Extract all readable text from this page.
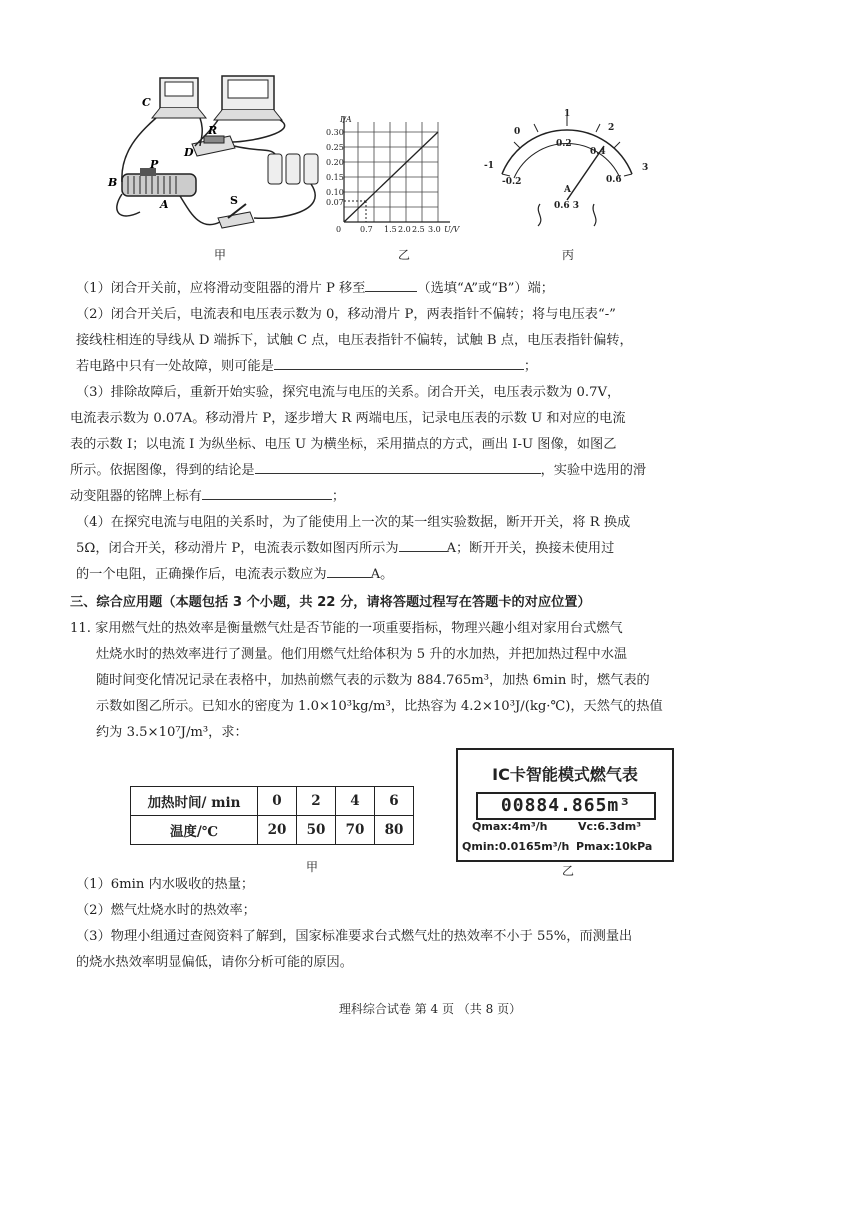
C
D
R
P
B
A	S
甲
I/A
0.30
0.25
0.20
0.15
0.10
0.07
0 0.7 1.5 2.0 2.5 3.0 U/V
乙
-1
0
1
2
3
-0.2
0.2
0.4
0.6
A
0.6 3
丙
（1）闭合开关前，应将滑动变阻器的滑片 P 移至	（选填“A”或“B”）端；
（2）闭合开关后，电流表和电压表示数为 0，移动滑片 P，两表指针不偏转；将与电压表“-”
接线柱相连的导线从 D 端拆下，试触 C 点，电压表指针不偏转，试触 B 点，电压表指针偏转，
若电路中只有一处故障，则可能是	；
（3）排除故障后，重新开始实验，探究电流与电压的关系。闭合开关，电压表示数为 0.7V，
电流表示数为 0.07A。移动滑片 P，逐步增大 R 两端电压，记录电压表的示数 U 和对应的电流
表的示数 I；以电流 I 为纵坐标、电压 U 为横坐标，采用描点的方式，画出 I-U 图像，如图乙
所示。依据图像，得到的结论是	，实验中选用的滑
动变阻器的铭牌上标有	；
（4）在探究电流与电阻的关系时，为了能使用上一次的某一组实验数据，断开开关，将 R 换成
5Ω，闭合开关，移动滑片 P，电流表示数如图丙所示为	A；断开开关，换接未使用过
的一个电阻，正确操作后，电流表示数应为	A。
三、综合应用题（本题包括 3 个小题，共 22 分，请将答题过程写在答题卡的对应位置）
11. 家用燃气灶的热效率是衡量燃气灶是否节能的一项重要指标，物理兴趣小组对家用台式燃气
灶烧水时的热效率进行了测量。他们用燃气灶给体积为 5 升的水加热，并把加热过程中水温
随时间变化情况记录在表格中，加热前燃气表的示数为 884.765m³，加热 6min 时，燃气表的
示数如图乙所示。已知水的密度为 1.0×10³kg/m³，比热容为 4.2×10³J/(kg·℃)，天然气的热值
约为 3.5×10⁷J/m³，求：
加热时间/ min	0	2	4	6
温度/℃	20	50	70	80
甲
IC卡智能模式燃气表
00884.865m³
Qmax:4m³/h	Vc:6.3dm³
Qmin:0.0165m³/h Pmax:10kPa
乙
（1）6min 内水吸收的热量；
（2）燃气灶烧水时的热效率；
（3）物理小组通过查阅资料了解到，国家标准要求台式燃气灶的热效率不小于 55%，而测量出
的烧水热效率明显偏低，请你分析可能的原因。
理科综合试卷 第 4 页 （共 8 页）
